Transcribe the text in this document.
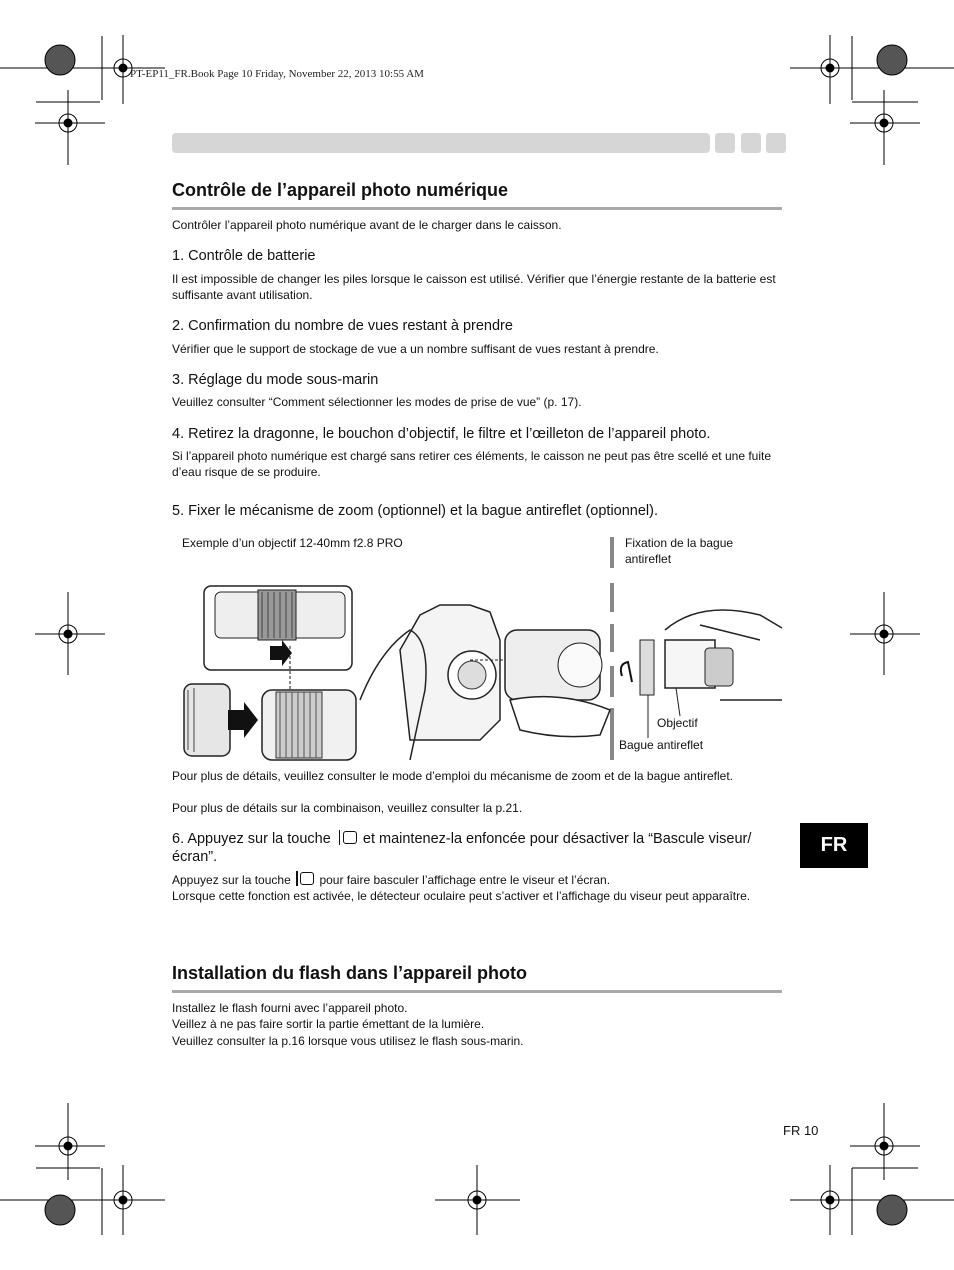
PT-EP11_FR.Book Page 10 Friday, November 22, 2013 10:55 AM
Contrôle de l’appareil photo numérique
Contrôler l’appareil photo numérique avant de le charger dans le caisson.
1. Contrôle de batterie
Il est impossible de changer les piles lorsque le caisson est utilisé. Vérifier que l’énergie restante de la batterie est suffisante avant utilisation.
2. Confirmation du nombre de vues restant à prendre
Vérifier que le support de stockage de vue a un nombre suffisant de vues restant à prendre.
3. Réglage du mode sous-marin
Veuillez consulter “Comment sélectionner les modes de prise de vue” (p. 17).
4. Retirez la dragonne, le bouchon d’objectif, le filtre et l’œilleton de l’appareil photo.
Si l’appareil photo numérique est chargé sans retirer ces éléments, le caisson ne peut pas être scellé et une fuite d’eau risque de se produire.
5. Fixer le mécanisme de zoom (optionnel) et la bague antireflet (optionnel).
Exemple d’un objectif 12-40mm f2.8 PRO	Fixation de la bague antireflet
Objectif
Bague antireflet
Pour plus de détails, veuillez consulter le mode d’emploi du mécanisme de zoom et de la bague antireflet.
Pour plus de détails sur la combinaison, veuillez consulter la p.21.
6. Appuyez sur la touche et maintenez-la enfoncée pour désactiver la “Bascule viseur/écran”.
Appuyez sur la touche pour faire basculer l’affichage entre le viseur et l’écran.
Lorsque cette fonction est activée, le détecteur oculaire peut s’activer et l’affichage du viseur peut apparaître.
Installation du flash dans l’appareil photo
Installez le flash fourni avec l’appareil photo.
Veillez à ne pas faire sortir la partie émettant de la lumière.
Veuillez consulter la p.16 lorsque vous utilisez le flash sous-marin.
FR
FR 10
